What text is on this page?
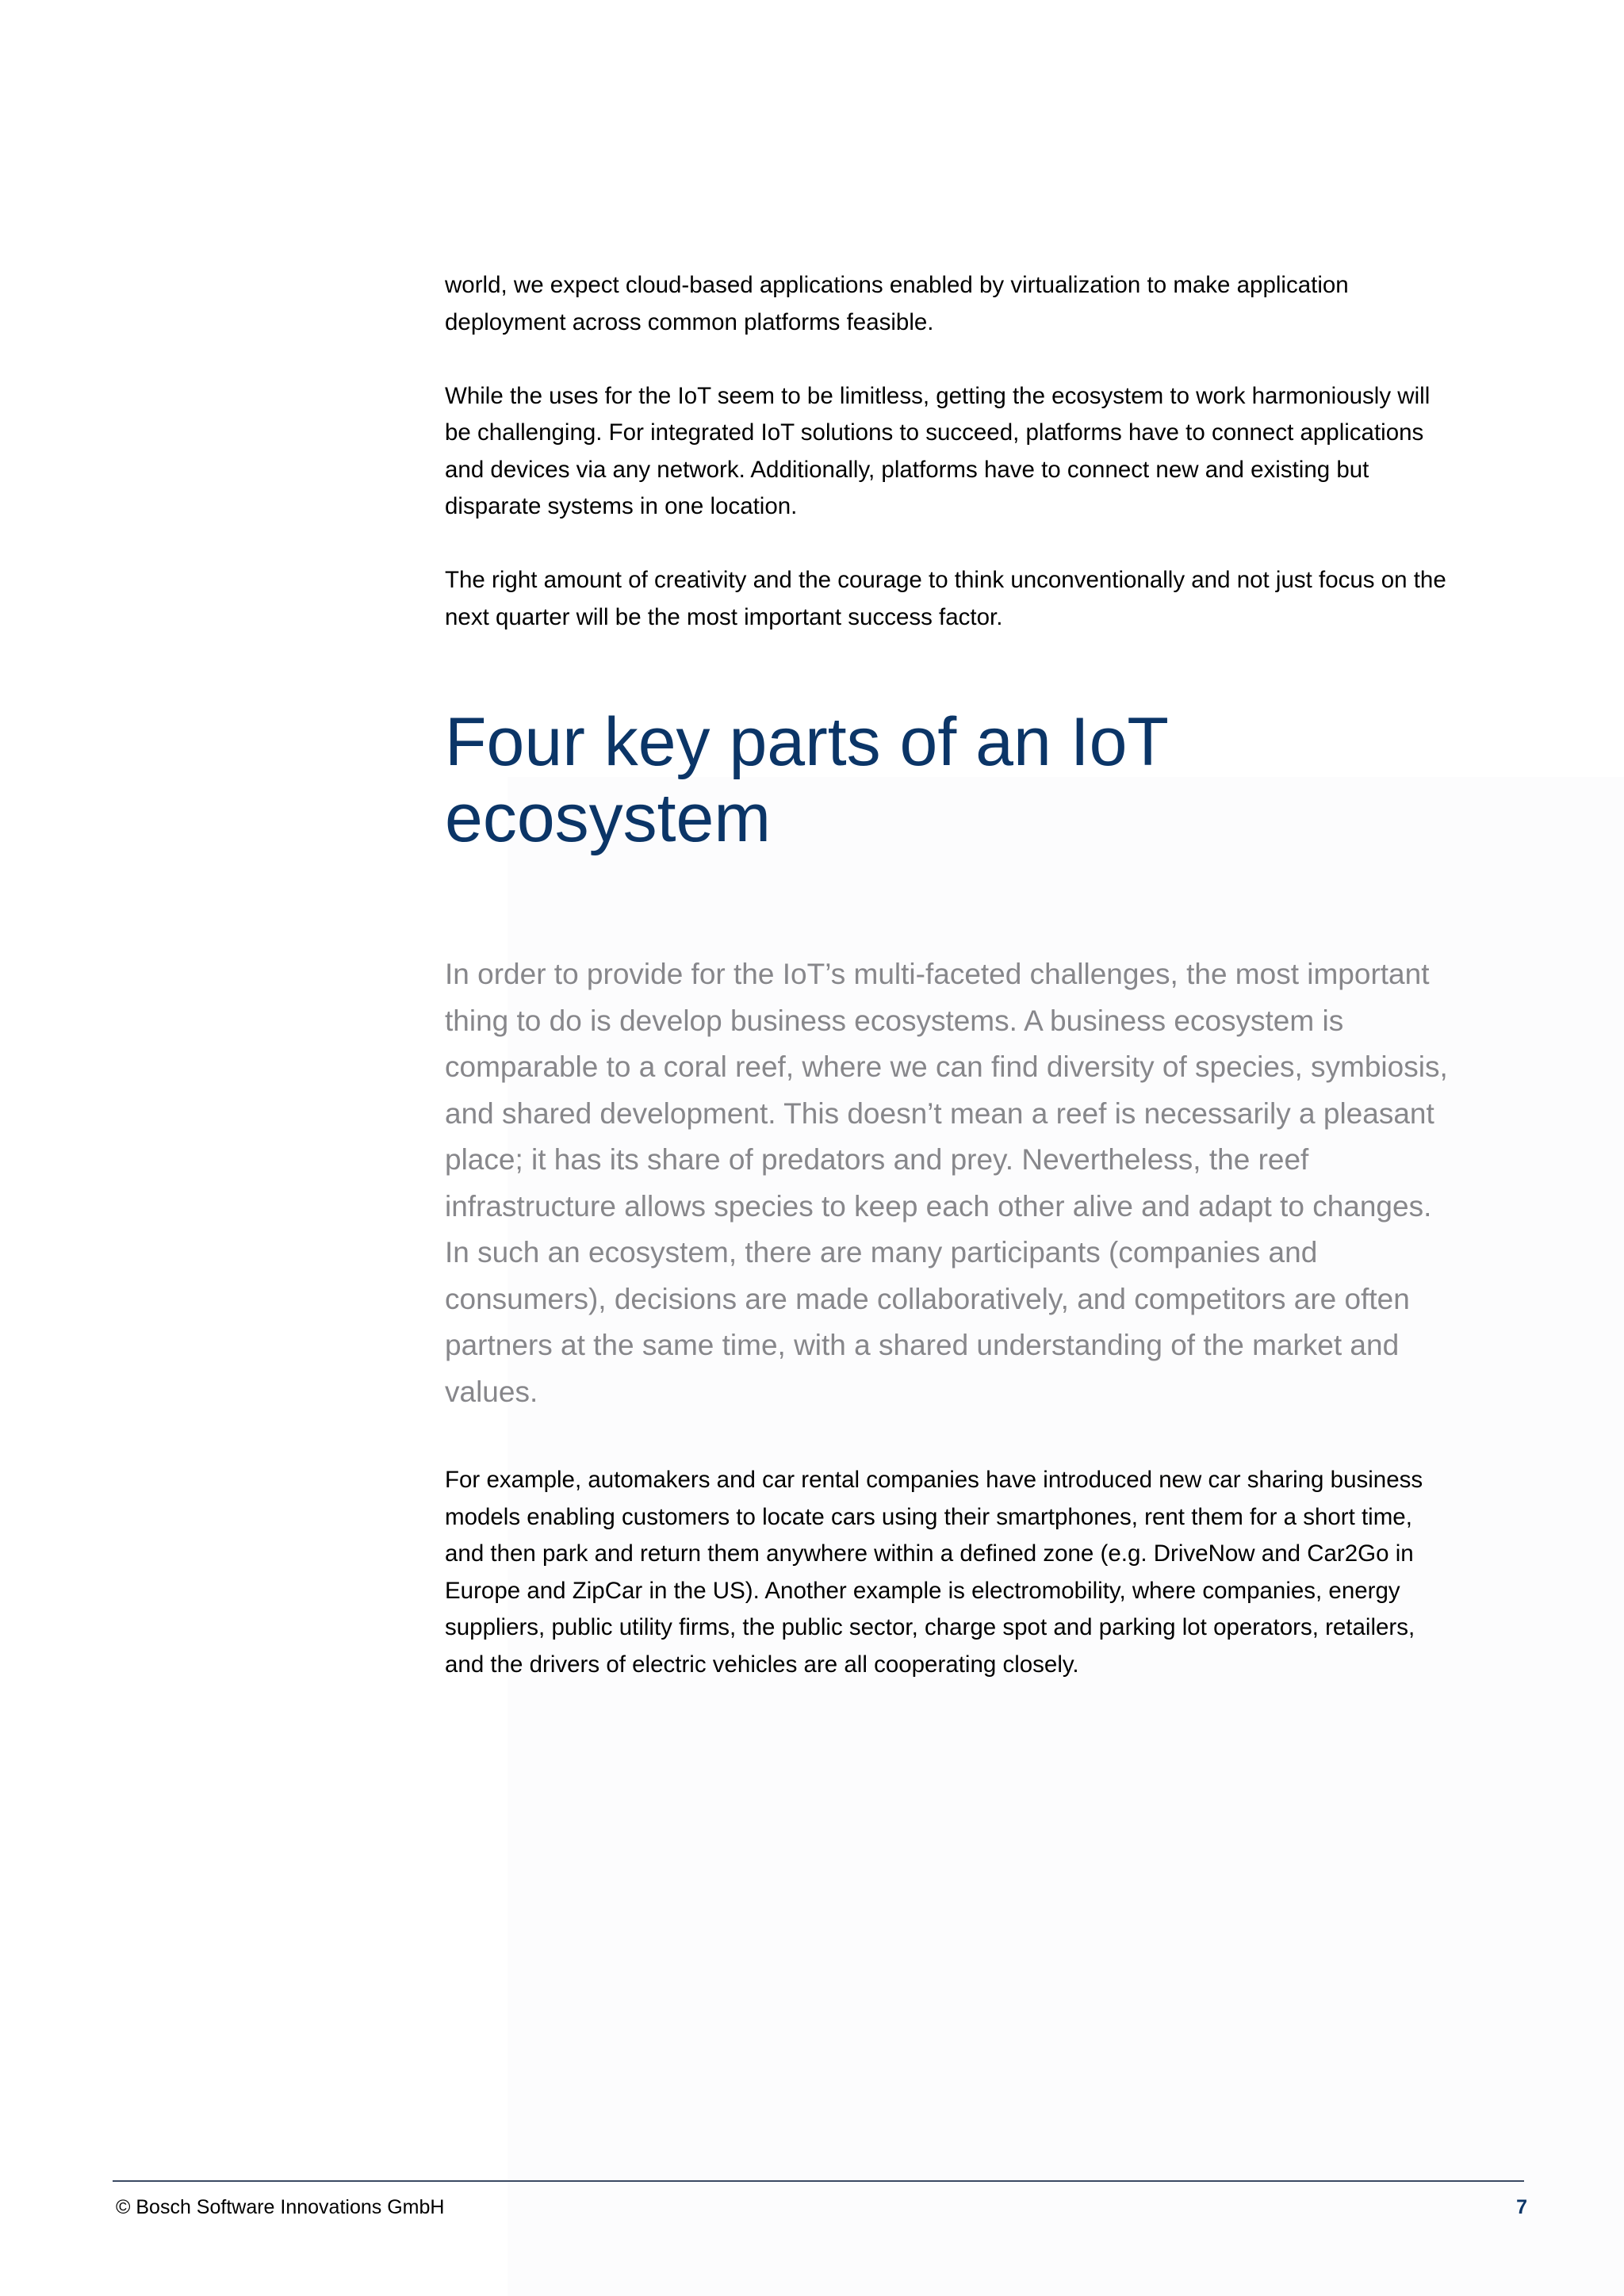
world, we expect cloud-based applications enabled by virtualization to make application deployment across common platforms feasible.

While the uses for the IoT seem to be limitless, getting the ecosystem to work harmoniously will be challenging. For integrated IoT solutions to succeed, platforms have to connect applications and devices via any network. Additionally, platforms have to connect new and existing but disparate systems in one location.

The right amount of creativity and the courage to think unconventionally and not just focus on the next quarter will be the most important success factor.

Four key parts of an IoT ecosystem

In order to provide for the IoT’s multi-faceted challenges, the most important thing to do is develop business ecosystems. A business ecosystem is comparable to a coral reef, where we can find diversity of species, symbiosis, and shared development. This doesn’t mean a reef is necessarily a pleasant place; it has its share of predators and prey. Nevertheless, the reef infrastructure allows species to keep each other alive and adapt to changes. In such an ecosystem, there are many participants (companies and consumers), decisions are made collaboratively, and competitors are often partners at the same time, with a shared understanding of the market and values.

For example, automakers and car rental companies have introduced new car sharing business models enabling customers to locate cars using their smartphones, rent them for a short time, and then park and return them anywhere within a defined zone (e.g. DriveNow and Car2Go in Europe and ZipCar in the US). Another example is electromobility, where companies, energy suppliers, public utility firms, the public sector, charge spot and parking lot operators, retailers, and the drivers of electric vehicles are all cooperating closely.

© Bosch Software Innovations GmbH	7
